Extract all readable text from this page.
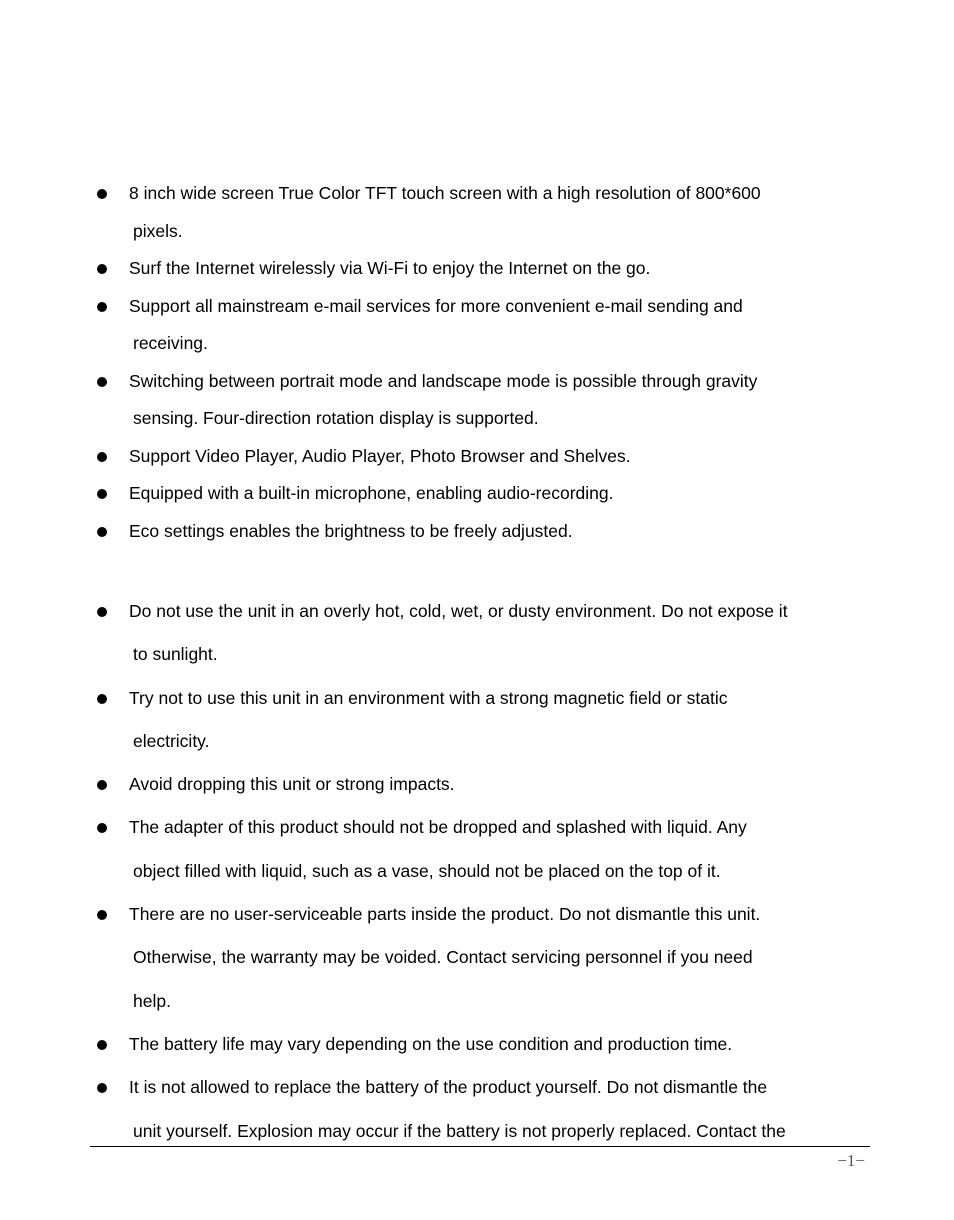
8 inch wide screen True Color TFT touch screen with a high resolution of 800*600
pixels.
Surf the Internet wirelessly via Wi-Fi to enjoy the Internet on the go.
Support all mainstream e-mail services for more convenient e-mail sending and
receiving.
Switching between portrait mode and landscape mode is possible through gravity
sensing. Four-direction rotation display is supported.
Support Video Player, Audio Player, Photo Browser and Shelves.
Equipped with a built-in microphone, enabling audio-recording.
Eco settings enables the brightness to be freely adjusted.
Do not use the unit in an overly hot, cold, wet, or dusty environment. Do not expose it
to sunlight.
Try not to use this unit in an environment with a strong magnetic field or static
electricity.
Avoid dropping this unit or strong impacts.
The adapter of this product should not be dropped and splashed with liquid. Any
object filled with liquid, such as a vase, should not be placed on the top of it.
There are no user-serviceable parts inside the product. Do not dismantle this unit.
Otherwise, the warranty may be voided. Contact servicing personnel if you need
help.
The battery life may vary depending on the use condition and production time.
It is not allowed to replace the battery of the product yourself. Do not dismantle the
unit yourself. Explosion may occur if the battery is not properly replaced. Contact the
−1−
